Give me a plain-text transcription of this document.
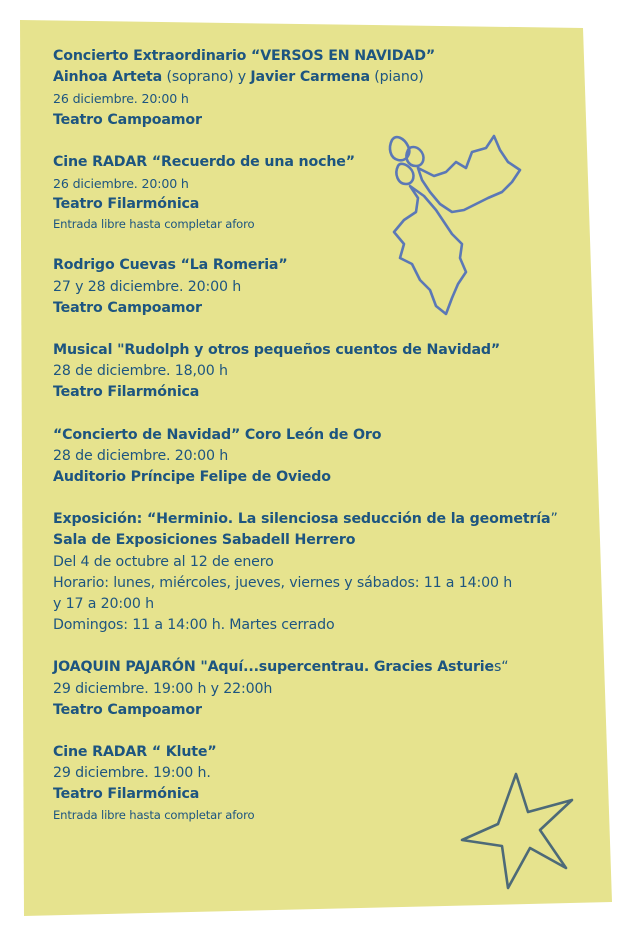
Concierto Extraordinario “VERSOS EN NAVIDAD”
Ainhoa Arteta (soprano) y Javier Carmena (piano)
26 diciembre. 20:00 h
Teatro Campoamor
Cine RADAR “Recuerdo de una noche”
26 diciembre. 20:00 h
Teatro Filarmónica
Entrada libre hasta completar aforo
Rodrigo Cuevas “La Romeria”
27 y 28 diciembre. 20:00 h
Teatro Campoamor
Musical "Rudolph y otros pequeños cuentos de Navidad”
28 de diciembre. 18,00 h
Teatro Filarmónica
“Concierto de Navidad” Coro León de Oro
28 de diciembre. 20:00 h
Auditorio Príncipe Felipe de Oviedo
Exposición: “Herminio. La silenciosa seducción de la geometría”
Sala de Exposiciones Sabadell Herrero
Del 4 de octubre al 12 de enero
Horario: lunes, miércoles, jueves, viernes y sábados: 11 a 14:00 h
y 17 a 20:00 h
Domingos: 11 a 14:00 h. Martes cerrado
JOAQUIN PAJARÓN "Aquí...supercentrau. Gracies Asturies“
29 diciembre. 19:00 h y 22:00h
Teatro Campoamor
Cine RADAR “ Klute”
29 diciembre. 19:00 h.
Teatro Filarmónica
Entrada libre hasta completar aforo
